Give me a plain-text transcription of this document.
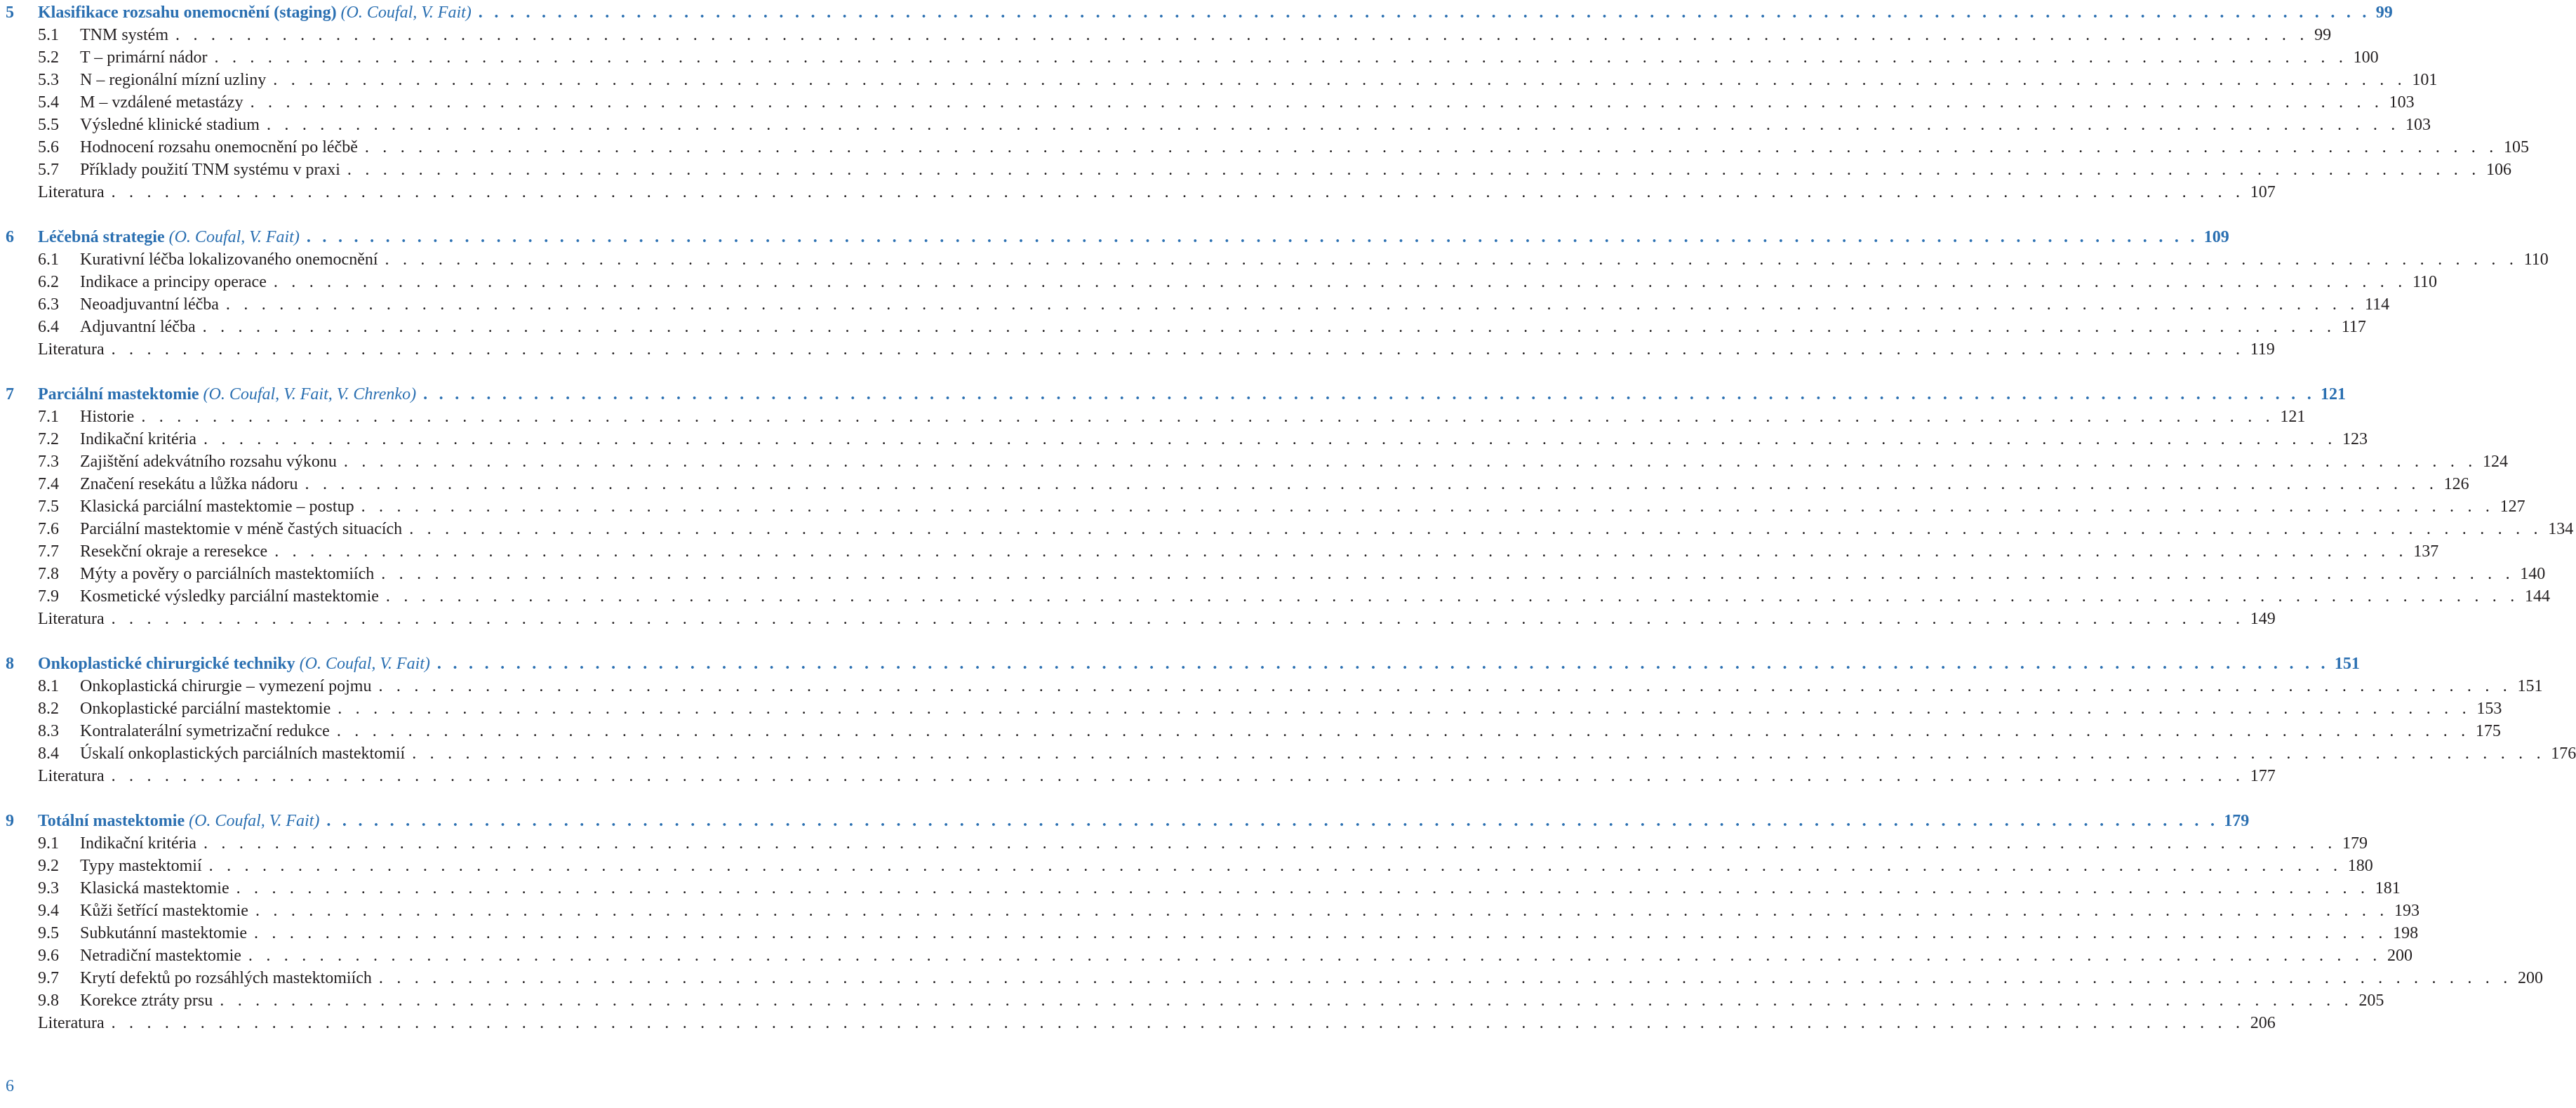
5 Klasifikace rozsahu onemocnění (staging) (O. Coufal, V. Fait) . . . . . . . . . . . . . . . . . . . . . . . . . . . . . . . . . . . . . . . . . . . . . . . . . . . . . . . . . . . . . . . . . . . . . . . . . . . . . . . . . . . . . . . . . . . . . . . . . . . . . . . . . . . . . . . . . . . . . . . . 99
5.1 TNM systém . . . . . . . . . . . . . . . . . . . . . . . . . . . . . . . . . . . . . . . . . . . . . . . . . . . . . . . . . . . . . . . . . . . . . . . . . . . . . . . . . . . . . . . . . . . . . . . . . . . . . . . . . . . . . . . . . . . . . . . . 99
5.2 T – primární nádor . . . . . . . . . . . . . . . . . . . . . . . . . . . . . . . . . . . . . . . . . . . . . . . . . . . . . . . . . . . . . . . . . . . . . . . . . . . . . . . . . . . . . . . . . . . . . . . . . . . . . . . . . . . . . . . . . . . . . . . . 100
5.3 N – regionální mízní uzliny . . . . . . . . . . . . . . . . . . . . . . . . . . . . . . . . . . . . . . . . . . . . . . . . . . . . . . . . . . . . . . . . . . . . . . . . . . . . . . . . . . . . . . . . . . . . . . . . . . . . . . . . . . . . . . . . . . . . . . . . 101
5.4 M – vzdálené metastázy . . . . . . . . . . . . . . . . . . . . . . . . . . . . . . . . . . . . . . . . . . . . . . . . . . . . . . . . . . . . . . . . . . . . . . . . . . . . . . . . . . . . . . . . . . . . . . . . . . . . . . . . . . . . . . . . . . . . . . . . 103
5.5 Výsledné klinické stadium . . . . . . . . . . . . . . . . . . . . . . . . . . . . . . . . . . . . . . . . . . . . . . . . . . . . . . . . . . . . . . . . . . . . . . . . . . . . . . . . . . . . . . . . . . . . . . . . . . . . . . . . . . . . . . . . . . . . . . . . 103
5.6 Hodnocení rozsahu onemocnění po léčbě . . . . . . . . . . . . . . . . . . . . . . . . . . . . . . . . . . . . . . . . . . . . . . . . . . . . . . . . . . . . . . . . . . . . . . . . . . . . . . . . . . . . . . . . . . . . . . . . . . . . . . . . . . . . . . . . . . . . . . . . 105
5.7 Příklady použití TNM systému v praxi . . . . . . . . . . . . . . . . . . . . . . . . . . . . . . . . . . . . . . . . . . . . . . . . . . . . . . . . . . . . . . . . . . . . . . . . . . . . . . . . . . . . . . . . . . . . . . . . . . . . . . . . . . . . . . . . . . . . . . . . 106
Literatura . . . . . . . . . . . . . . . . . . . . . . . . . . . . . . . . . . . . . . . . . . . . . . . . . . . . . . . . . . . . . . . . . . . . . . . . . . . . . . . . . . . . . . . . . . . . . . . . . . . . . . . . . . . . . . . . . . . . . . . . 107
6 Léčebná strategie (O. Coufal, V. Fait) . . . . . . . . . . . . . . . . . . . . . . . . . . . . . . . . . . . . . . . . . . . . . . . . . . . . . . . . . . . . . . . . . . . . . . . . . . . . . . . . . . . . . . . . . . . . . . . . . . . . . . . . . . . . . . . . . . . . . . . . 109
6.1 Kurativní léčba lokalizovaného onemocnění . . . . . . . . . . . . . . . . . . . . . . . . . . . . . . . . . . . . . . . . . . . . . . . . . . . . . . . . . . . . . . . . . . . . . . . . . . . . . . . . . . . . . . . . . . . . . . . . . . . . . . . . . . . . . . . . . . . . . . . . 110
6.2 Indikace a principy operace . . . . . . . . . . . . . . . . . . . . . . . . . . . . . . . . . . . . . . . . . . . . . . . . . . . . . . . . . . . . . . . . . . . . . . . . . . . . . . . . . . . . . . . . . . . . . . . . . . . . . . . . . . . . . . . . . . . . . . . . 110
6.3 Neoadjuvantní léčba . . . . . . . . . . . . . . . . . . . . . . . . . . . . . . . . . . . . . . . . . . . . . . . . . . . . . . . . . . . . . . . . . . . . . . . . . . . . . . . . . . . . . . . . . . . . . . . . . . . . . . . . . . . . . . . . . . . . . . . . 114
6.4 Adjuvantní léčba . . . . . . . . . . . . . . . . . . . . . . . . . . . . . . . . . . . . . . . . . . . . . . . . . . . . . . . . . . . . . . . . . . . . . . . . . . . . . . . . . . . . . . . . . . . . . . . . . . . . . . . . . . . . . . . . . . . . . . . . 117
Literatura . . . . . . . . . . . . . . . . . . . . . . . . . . . . . . . . . . . . . . . . . . . . . . . . . . . . . . . . . . . . . . . . . . . . . . . . . . . . . . . . . . . . . . . . . . . . . . . . . . . . . . . . . . . . . . . . . . . . . . . . 119
7 Parciální mastektomie (O. Coufal, V. Fait, V. Chrenko) . . . . . . . . . . . . . . . . . . . . . . . . . . . . . . . . . . . . . . . . . . . . . . . . . . . . . . . . . . . . . . . . . . . . . . . . . . . . . . . . . . . . . . . . . . . . . . . . . . . . . . . . . . . . . . . . . . . . . . . . 121
7.1 Historie . . . . . . . . . . . . . . . . . . . . . . . . . . . . . . . . . . . . . . . . . . . . . . . . . . . . . . . . . . . . . . . . . . . . . . . . . . . . . . . . . . . . . . . . . . . . . . . . . . . . . . . . . . . . . . . . . . . . . . . . 121
7.2 Indikační kritéria . . . . . . . . . . . . . . . . . . . . . . . . . . . . . . . . . . . . . . . . . . . . . . . . . . . . . . . . . . . . . . . . . . . . . . . . . . . . . . . . . . . . . . . . . . . . . . . . . . . . . . . . . . . . . . . . . . . . . . . . 123
7.3 Zajištění adekvátního rozsahu výkonu . . . . . . . . . . . . . . . . . . . . . . . . . . . . . . . . . . . . . . . . . . . . . . . . . . . . . . . . . . . . . . . . . . . . . . . . . . . . . . . . . . . . . . . . . . . . . . . . . . . . . . . . . . . . . . . . . . . . . . . . 124
7.4 Značení resekátu a lůžka nádoru . . . . . . . . . . . . . . . . . . . . . . . . . . . . . . . . . . . . . . . . . . . . . . . . . . . . . . . . . . . . . . . . . . . . . . . . . . . . . . . . . . . . . . . . . . . . . . . . . . . . . . . . . . . . . . . . . . . . . . . . 126
7.5 Klasická parciální mastektomie – postup . . . . . . . . . . . . . . . . . . . . . . . . . . . . . . . . . . . . . . . . . . . . . . . . . . . . . . . . . . . . . . . . . . . . . . . . . . . . . . . . . . . . . . . . . . . . . . . . . . . . . . . . . . . . . . . . . . . . . . . . 127
7.6 Parciální mastektomie v méně častých situacích . . . . . . . . . . . . . . . . . . . . . . . . . . . . . . . . . . . . . . . . . . . . . . . . . . . . . . . . . . . . . . . . . . . . . . . . . . . . . . . . . . . . . . . . . . . . . . . . . . . . . . . . . . . . . . . . . . . . . . . . 134
7.7 Resekční okraje a reresekce . . . . . . . . . . . . . . . . . . . . . . . . . . . . . . . . . . . . . . . . . . . . . . . . . . . . . . . . . . . . . . . . . . . . . . . . . . . . . . . . . . . . . . . . . . . . . . . . . . . . . . . . . . . . . . . . . . . . . . . . 137
7.8 Mýty a pověry o parciálních mastektomiích . . . . . . . . . . . . . . . . . . . . . . . . . . . . . . . . . . . . . . . . . . . . . . . . . . . . . . . . . . . . . . . . . . . . . . . . . . . . . . . . . . . . . . . . . . . . . . . . . . . . . . . . . . . . . . . . . . . . . . . . 140
7.9 Kosmetické výsledky parciální mastektomie . . . . . . . . . . . . . . . . . . . . . . . . . . . . . . . . . . . . . . . . . . . . . . . . . . . . . . . . . . . . . . . . . . . . . . . . . . . . . . . . . . . . . . . . . . . . . . . . . . . . . . . . . . . . . . . . . . . . . . . . 144
Literatura . . . . . . . . . . . . . . . . . . . . . . . . . . . . . . . . . . . . . . . . . . . . . . . . . . . . . . . . . . . . . . . . . . . . . . . . . . . . . . . . . . . . . . . . . . . . . . . . . . . . . . . . . . . . . . . . . . . . . . . . 149
8 Onkoplastické chirurgické techniky (O. Coufal, V. Fait) . . . . . . . . . . . . . . . . . . . . . . . . . . . . . . . . . . . . . . . . . . . . . . . . . . . . . . . . . . . . . . . . . . . . . . . . . . . . . . . . . . . . . . . . . . . . . . . . . . . . . . . . . . . . . . . . . . . . . . . . 151
8.1 Onkoplastická chirurgie – vymezení pojmu . . . . . . . . . . . . . . . . . . . . . . . . . . . . . . . . . . . . . . . . . . . . . . . . . . . . . . . . . . . . . . . . . . . . . . . . . . . . . . . . . . . . . . . . . . . . . . . . . . . . . . . . . . . . . . . . . . . . . . . . 151
8.2 Onkoplastické parciální mastektomie . . . . . . . . . . . . . . . . . . . . . . . . . . . . . . . . . . . . . . . . . . . . . . . . . . . . . . . . . . . . . . . . . . . . . . . . . . . . . . . . . . . . . . . . . . . . . . . . . . . . . . . . . . . . . . . . . . . . . . . . 153
8.3 Kontralaterální symetrizační redukce . . . . . . . . . . . . . . . . . . . . . . . . . . . . . . . . . . . . . . . . . . . . . . . . . . . . . . . . . . . . . . . . . . . . . . . . . . . . . . . . . . . . . . . . . . . . . . . . . . . . . . . . . . . . . . . . . . . . . . . . 175
8.4 Úskalí onkoplastických parciálních mastektomií . . . . . . . . . . . . . . . . . . . . . . . . . . . . . . . . . . . . . . . . . . . . . . . . . . . . . . . . . . . . . . . . . . . . . . . . . . . . . . . . . . . . . . . . . . . . . . . . . . . . . . . . . . . . . . . . . . . . . . . . 176
Literatura . . . . . . . . . . . . . . . . . . . . . . . . . . . . . . . . . . . . . . . . . . . . . . . . . . . . . . . . . . . . . . . . . . . . . . . . . . . . . . . . . . . . . . . . . . . . . . . . . . . . . . . . . . . . . . . . . . . . . . . . 177
9 Totální mastektomie (O. Coufal, V. Fait) . . . . . . . . . . . . . . . . . . . . . . . . . . . . . . . . . . . . . . . . . . . . . . . . . . . . . . . . . . . . . . . . . . . . . . . . . . . . . . . . . . . . . . . . . . . . . . . . . . . . . . . . . . . . . . . . . . . . . . . . 179
9.1 Indikační kritéria . . . . . . . . . . . . . . . . . . . . . . . . . . . . . . . . . . . . . . . . . . . . . . . . . . . . . . . . . . . . . . . . . . . . . . . . . . . . . . . . . . . . . . . . . . . . . . . . . . . . . . . . . . . . . . . . . . . . . . . . 179
9.2 Typy mastektomií . . . . . . . . . . . . . . . . . . . . . . . . . . . . . . . . . . . . . . . . . . . . . . . . . . . . . . . . . . . . . . . . . . . . . . . . . . . . . . . . . . . . . . . . . . . . . . . . . . . . . . . . . . . . . . . . . . . . . . . . 180
9.3 Klasická mastektomie . . . . . . . . . . . . . . . . . . . . . . . . . . . . . . . . . . . . . . . . . . . . . . . . . . . . . . . . . . . . . . . . . . . . . . . . . . . . . . . . . . . . . . . . . . . . . . . . . . . . . . . . . . . . . . . . . . . . . . . . 181
9.4 Kůži šetřící mastektomie . . . . . . . . . . . . . . . . . . . . . . . . . . . . . . . . . . . . . . . . . . . . . . . . . . . . . . . . . . . . . . . . . . . . . . . . . . . . . . . . . . . . . . . . . . . . . . . . . . . . . . . . . . . . . . . . . . . . . . . . 193
9.5 Subkutánní mastektomie . . . . . . . . . . . . . . . . . . . . . . . . . . . . . . . . . . . . . . . . . . . . . . . . . . . . . . . . . . . . . . . . . . . . . . . . . . . . . . . . . . . . . . . . . . . . . . . . . . . . . . . . . . . . . . . . . . . . . . . . 198
9.6 Netradiční mastektomie . . . . . . . . . . . . . . . . . . . . . . . . . . . . . . . . . . . . . . . . . . . . . . . . . . . . . . . . . . . . . . . . . . . . . . . . . . . . . . . . . . . . . . . . . . . . . . . . . . . . . . . . . . . . . . . . . . . . . . . . 200
9.7 Krytí defektů po rozsáhlých mastektomiích . . . . . . . . . . . . . . . . . . . . . . . . . . . . . . . . . . . . . . . . . . . . . . . . . . . . . . . . . . . . . . . . . . . . . . . . . . . . . . . . . . . . . . . . . . . . . . . . . . . . . . . . . . . . . . . . . . . . . . . . 200
9.8 Korekce ztráty prsu . . . . . . . . . . . . . . . . . . . . . . . . . . . . . . . . . . . . . . . . . . . . . . . . . . . . . . . . . . . . . . . . . . . . . . . . . . . . . . . . . . . . . . . . . . . . . . . . . . . . . . . . . . . . . . . . . . . . . . . . 205
Literatura . . . . . . . . . . . . . . . . . . . . . . . . . . . . . . . . . . . . . . . . . . . . . . . . . . . . . . . . . . . . . . . . . . . . . . . . . . . . . . . . . . . . . . . . . . . . . . . . . . . . . . . . . . . . . . . . . . . . . . . . 206
6
